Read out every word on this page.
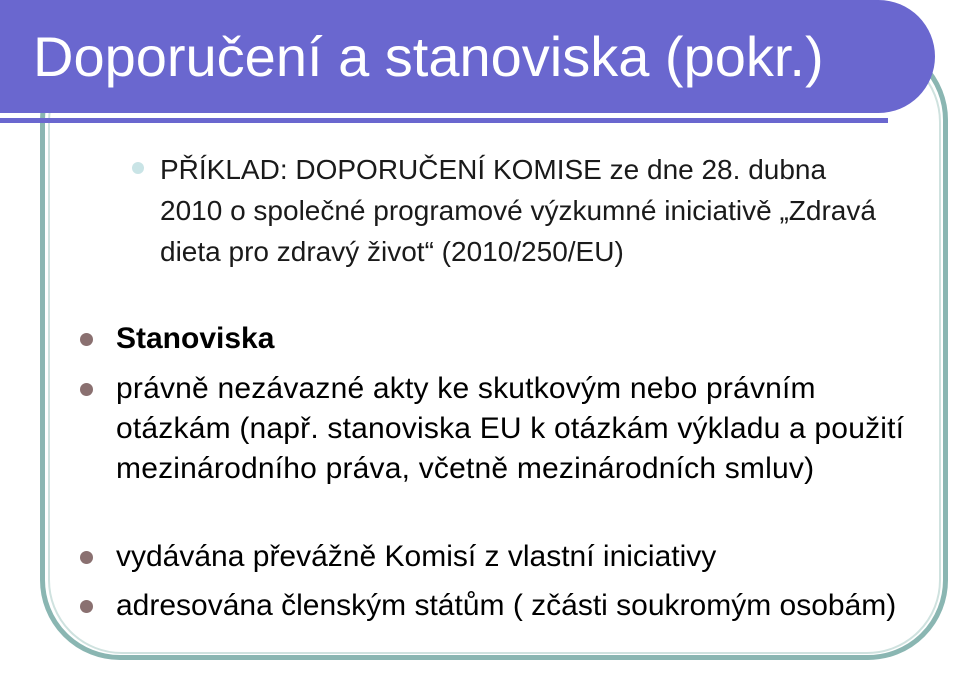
Doporučení a stanoviska (pokr.)
PŘÍKLAD: DOPORUČENÍ KOMISE ze dne 28. dubna 2010 o společné programové výzkumné iniciativě „Zdravá dieta pro zdravý život“ (2010/250/EU)
Stanoviska
právně nezávazné akty ke skutkovým nebo právním otázkám (např. stanoviska EU k otázkám výkladu a použití mezinárodního práva, včetně mezinárodních smluv)
vydávána převážně Komisí z vlastní iniciativy
adresována členským státům ( zčásti soukromým osobám)
